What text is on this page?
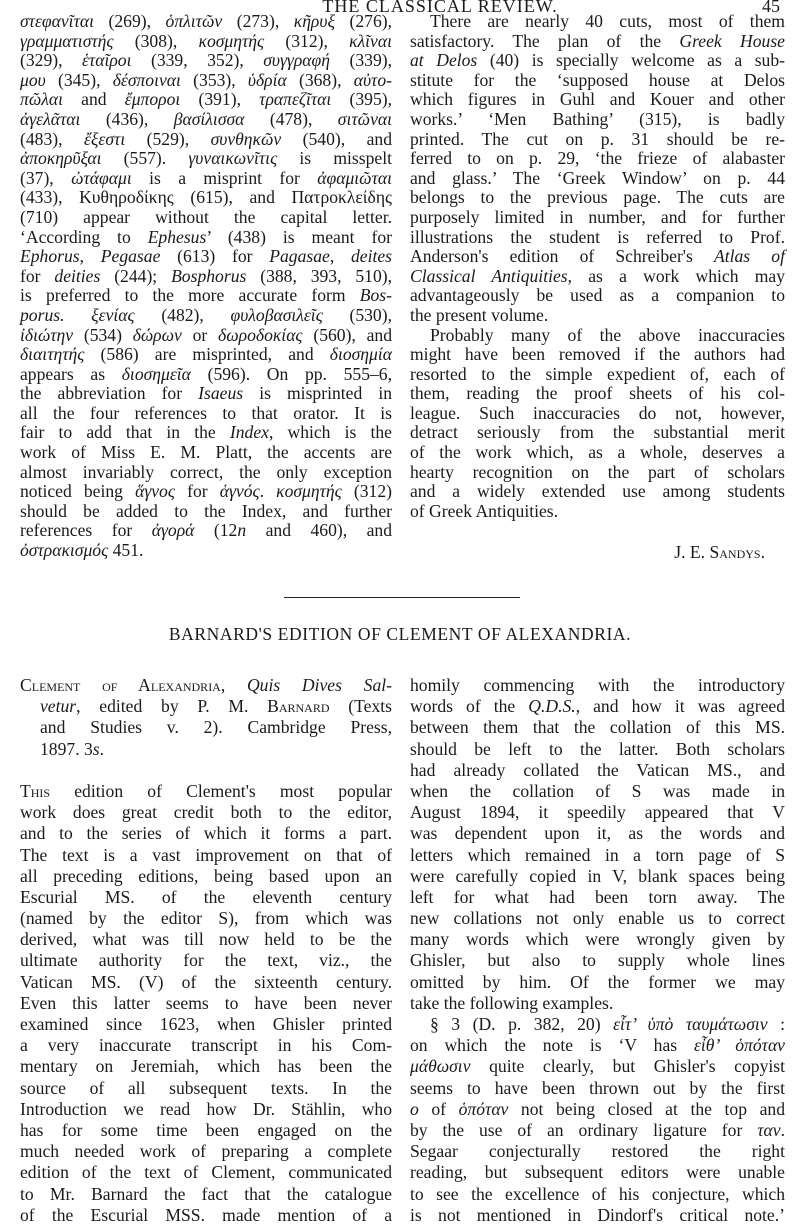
THE CLASSICAL REVIEW.	45
στεφανῖται (269), ὁπλιτῶν (273), κῆρυξ (276),
γραμματιστής (308), κοσμητής (312), κλῖναι
(329), ἑταῖροι (339, 352), συγγραφή (339),
μου (345), δέσποιναι (353), ὑδρία (368), αὐτο-
πῶλαι and ἔμποροι (391), τραπεζῖται (395),
ἀγελᾶται (436), βασίλισσα (478), σιτῶναι
(483), ἔξεστι (529), συνθηκῶν (540), and
ἀποκηρῦξαι (557). γυναικωνῖτις is misspelt
(37), ὠτάφαμι is a misprint for ἀφαμιῶται
(433), Κυθηροδίκης (615), and Πατροκλείδης
(710) appear without the capital letter.
‘According to Ephesus’ (438) is meant for
Ephorus, Pegasae (613) for Pagasae, deites
for deities (244); Bosphorus (388, 393, 510),
is preferred to the more accurate form Bos-
porus. ξενίας (482), φυλοβασιλεῖς (530),
ἰδιώτην (534) δώρων or δωροδοκίας (560), and
διαιτητής (586) are misprinted, and διοσημία
appears as διοσημεῖα (596). On pp. 555–6,
the abbreviation for Isaeus is misprinted in
all the four references to that orator. It is
fair to add that in the Index, which is the
work of Miss E. M. Platt, the accents are
almost invariably correct, the only exception
noticed being ἅγνος for ἁγνός. κοσμητής (312)
should be added to the Index, and further
references for ἀγορά (12n and 460), and
ὀστρακισμός 451.
There are nearly 40 cuts, most of them
satisfactory. The plan of the Greek House
at Delos (40) is specially welcome as a sub-
stitute for the ‘supposed house at Delos
which figures in Guhl and Kouer and other
works.’ ‘Men Bathing’ (315), is badly
printed. The cut on p. 31 should be re-
ferred to on p. 29, ‘the frieze of alabaster
and glass.’ The ‘Greek Window’ on p. 44
belongs to the previous page. The cuts are
purposely limited in number, and for further
illustrations the student is referred to Prof.
Anderson's edition of Schreiber's Atlas of
Classical Antiquities, as a work which may
advantageously be used as a companion to
the present volume.
Probably many of the above inaccuracies
might have been removed if the authors had
resorted to the simple expedient of, each of
them, reading the proof sheets of his col-
league. Such inaccuracies do not, however,
detract seriously from the substantial merit
of the work which, as a whole, deserves a
hearty recognition on the part of scholars
and a widely extended use among students
of Greek Antiquities.
J. E. Sandys.
BARNARD'S EDITION OF CLEMENT OF ALEXANDRIA.
Clement of Alexandria, Quis Dives Sal-
vetur, edited by P. M. Barnard (Texts
and Studies v. 2). Cambridge Press,
1897. 3s.
This edition of Clement's most popular
work does great credit both to the editor,
and to the series of which it forms a part.
The text is a vast improvement on that of
all preceding editions, being based upon an
Escurial MS. of the eleventh century
(named by the editor S), from which was
derived, what was till now held to be the
ultimate authority for the text, viz., the
Vatican MS. (V) of the sixteenth century.
Even this latter seems to have been never
examined since 1623, when Ghisler printed
a very inaccurate transcript in his Com-
mentary on Jeremiah, which has been the
source of all subsequent texts. In the
Introduction we read how Dr. Stählin, who
has for some time been engaged on the
much needed work of preparing a complete
edition of the text of Clement, communicated
to Mr. Barnard the fact that the catalogue
of the Escurial MSS. made mention of a
homily commencing with the introductory
words of the Q.D.S., and how it was agreed
between them that the collation of this MS.
should be left to the latter. Both scholars
had already collated the Vatican MS., and
when the collation of S was made in
August 1894, it speedily appeared that V
was dependent upon it, as the words and
letters which remained in a torn page of S
were carefully copied in V, blank spaces being
left for what had been torn away. The
new collations not only enable us to correct
many words which were wrongly given by
Ghisler, but also to supply whole lines
omitted by him. Of the former we may
take the following examples.
§ 3 (D. p. 382, 20) εἶτ’ ὑπὸ ταυμάτωσιν :
on which the note is ‘V has εἶθ’ ὁπόταν
μάθωσιν quite clearly, but Ghisler's copyist
seems to have been thrown out by the first
ο of ὁπόταν not being closed at the top and
by the use of an ordinary ligature for ταν.
Segaar conjecturally restored the right
reading, but subsequent editors were unable
to see the excellence of his conjecture, which
is not mentioned in Dindorf's critical note.’
